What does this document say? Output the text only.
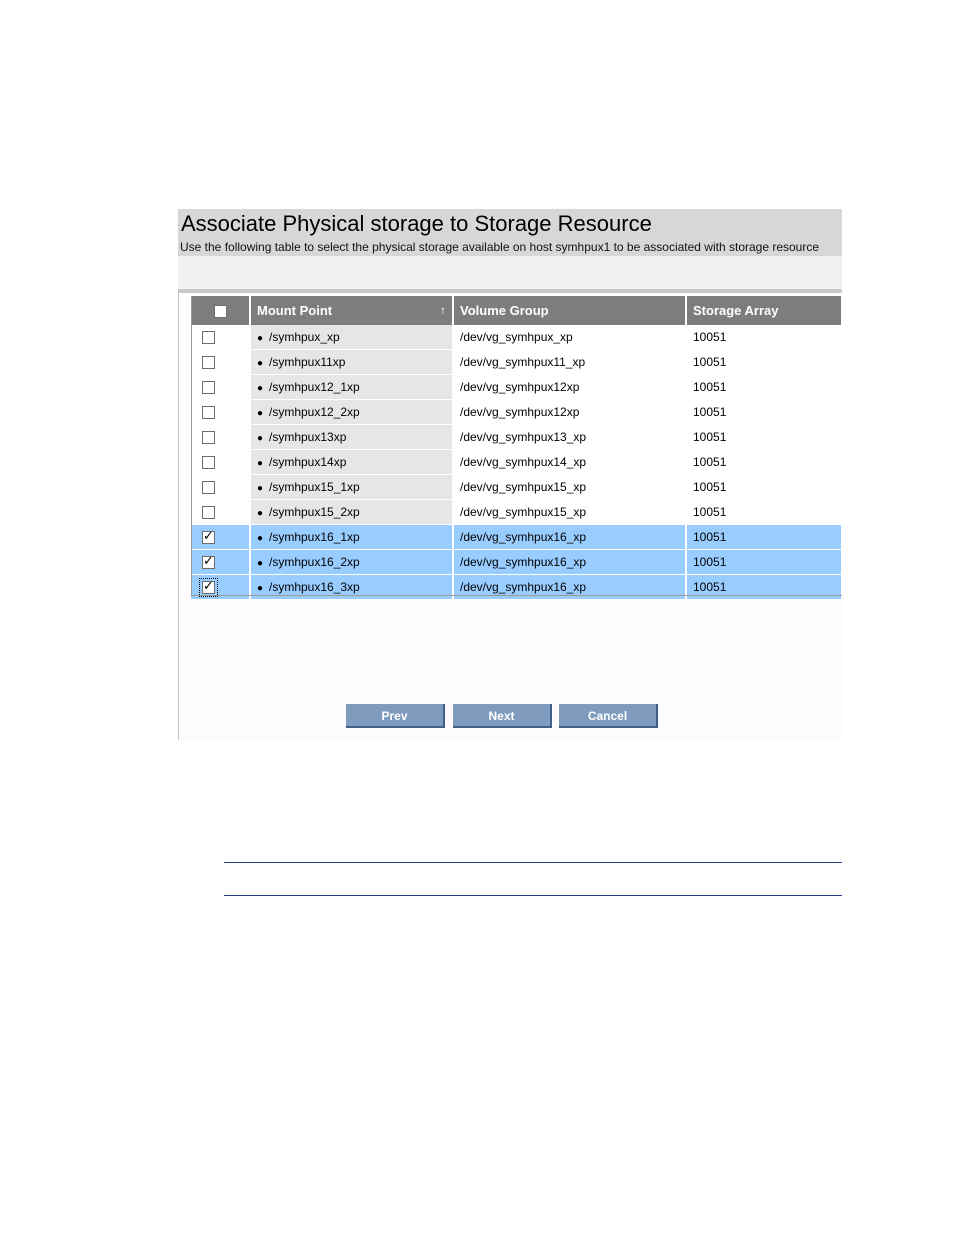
Associate Physical storage to Storage Resource
Use the following table to select the physical storage available on host symhpux1 to be associated with storage resource
	Mount Point ↑	Volume Group	Storage Array
	● /symhpux_xp	/dev/vg_symhpux_xp	10051
	● /symhpux11xp	/dev/vg_symhpux11_xp	10051
	● /symhpux12_1xp	/dev/vg_symhpux12xp	10051
	● /symhpux12_2xp	/dev/vg_symhpux12xp	10051
	● /symhpux13xp	/dev/vg_symhpux13_xp	10051
	● /symhpux14xp	/dev/vg_symhpux14_xp	10051
	● /symhpux15_1xp	/dev/vg_symhpux15_xp	10051
	● /symhpux15_2xp	/dev/vg_symhpux15_xp	10051
✓	● /symhpux16_1xp	/dev/vg_symhpux16_xp	10051
✓	● /symhpux16_2xp	/dev/vg_symhpux16_xp	10051
✓	● /symhpux16_3xp	/dev/vg_symhpux16_xp	10051
Prev	Next	Cancel
